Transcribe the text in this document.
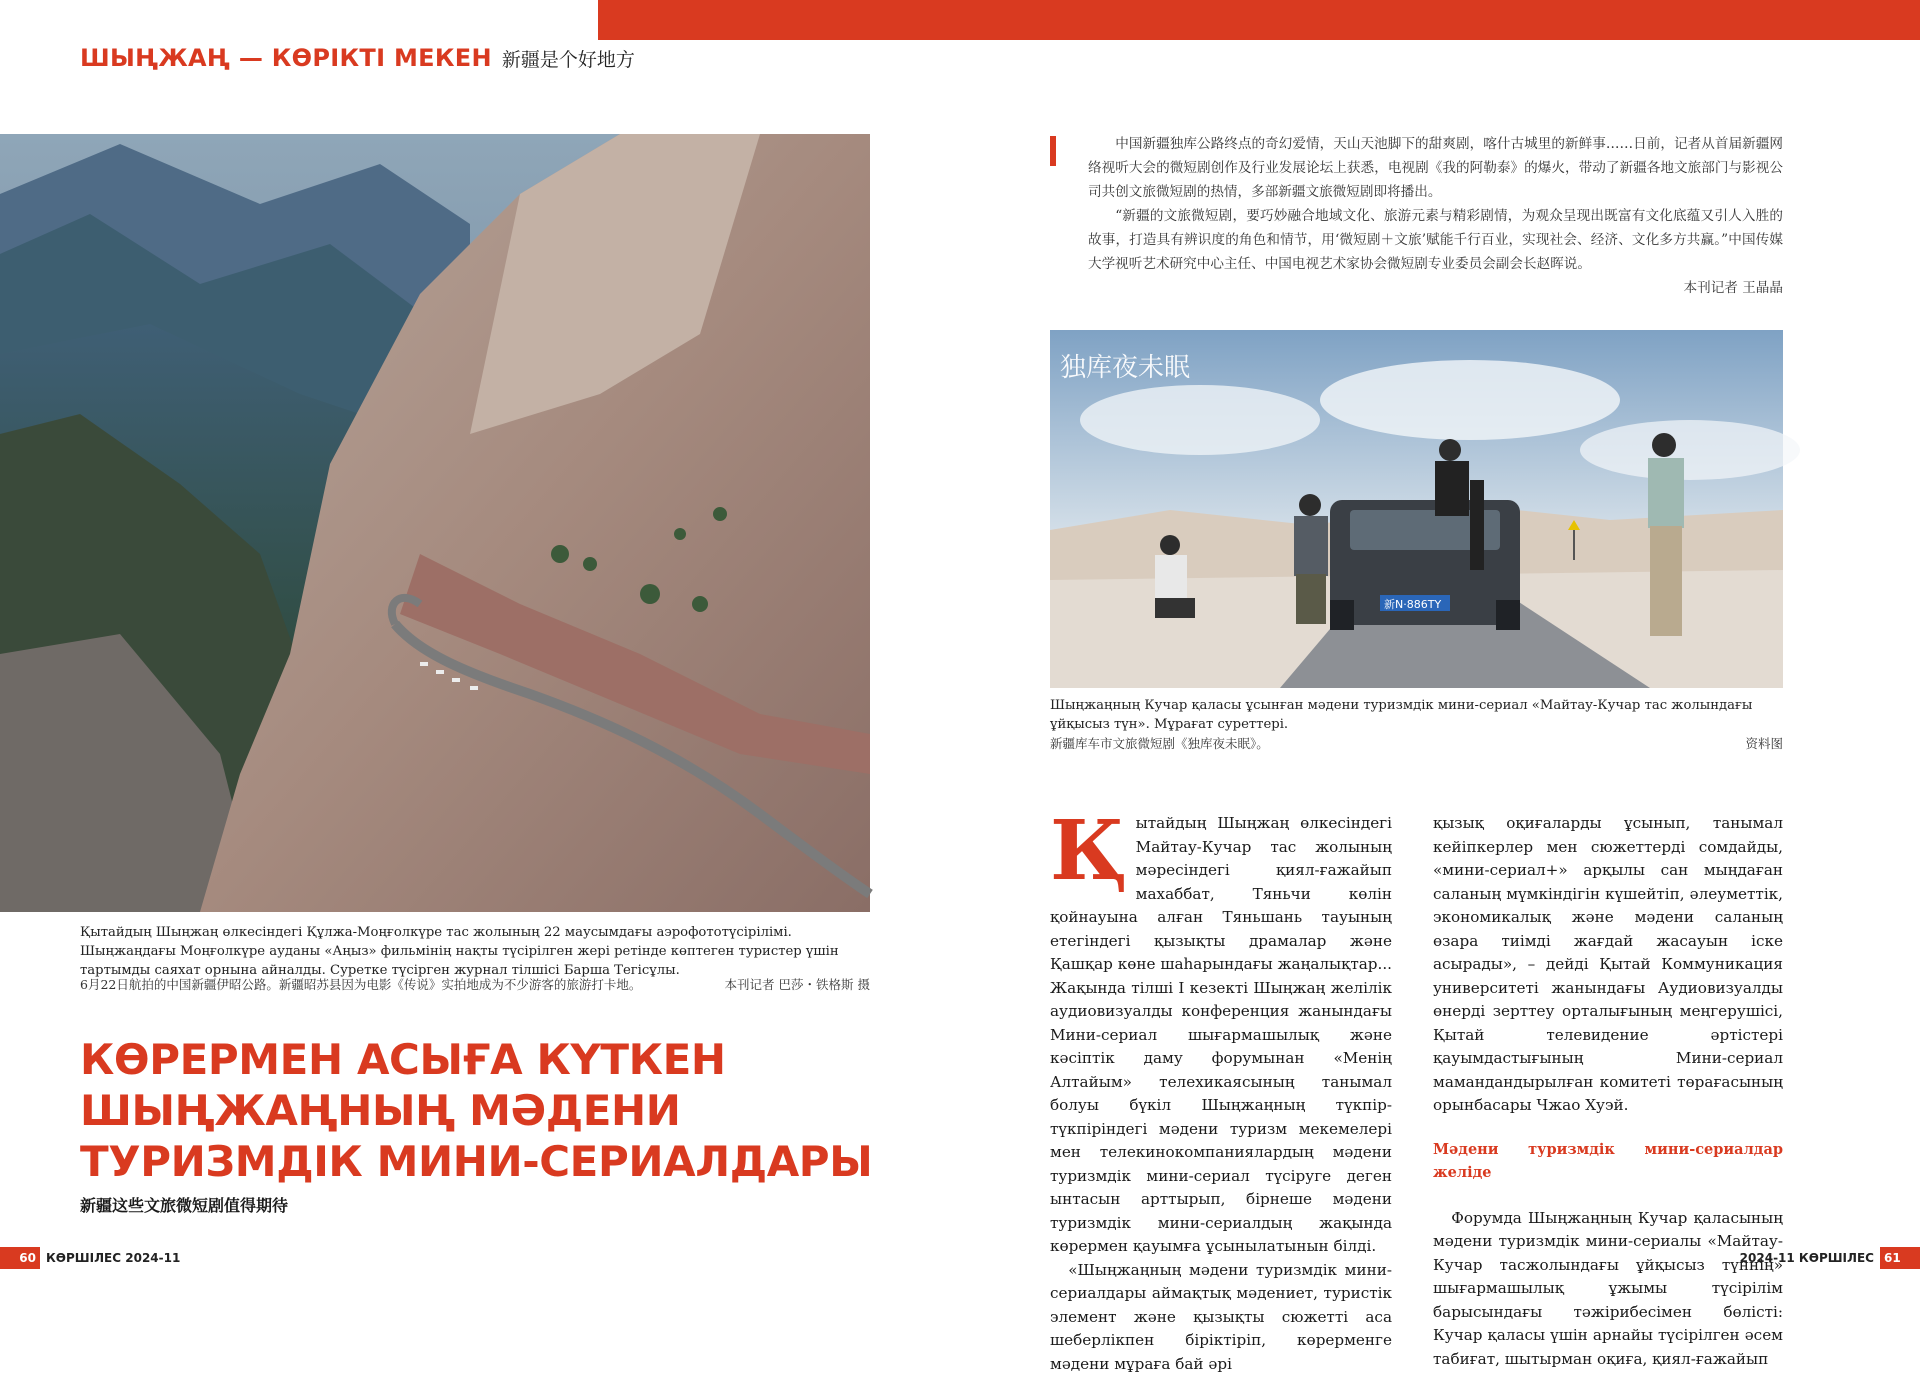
ШЫҢЖАҢ — КӨРІКТІ МЕКЕН 新疆是个好地方
Қытайдың Шыңжаң өлкесіндегі Құлжа-Моңғолкүре тас жолының 22 маусымдағы аэрофототүсірілімі. Шыңжаңдағы Моңғолкүре ауданы «Аңыз» фильмінің нақты түсірілген жері ретінде көптеген туристер үшін тартымды саяхат орнына айналды. Суретке түсірген журнал тілшісі Барша Тегісұлы.
6月22日航拍的中国新疆伊昭公路。新疆昭苏县因为电影《传说》实拍地成为不少游客的旅游打卡地。	本刊记者 巴莎・铁格斯 摄
КӨРЕРМЕН АСЫҒА КҮТКЕН
ШЫҢЖАҢНЫҢ МӘДЕНИ
ТУРИЗМДІК МИНИ-СЕРИАЛДАРЫ
新疆这些文旅微短剧值得期待

中国新疆独库公路终点的奇幻爱情，天山天池脚下的甜爽剧，喀什古城里的新鲜事……日前，记者从首届新疆网络视听大会的微短剧创作及行业发展论坛上获悉，电视剧《我的阿勒泰》的爆火，带动了新疆各地文旅部门与影视公司共创文旅微短剧的热情，多部新疆文旅微短剧即将播出。

“新疆的文旅微短剧，要巧妙融合地域文化、旅游元素与精彩剧情，为观众呈现出既富有文化底蕴又引人入胜的故事，打造具有辨识度的角色和情节，用‘微短剧＋文旅’赋能千行百业，实现社会、经济、文化多方共赢。”中国传媒大学视听艺术研究中心主任、中国电视艺术家协会微短剧专业委员会副会长赵晖说。

本刊记者 王晶晶

独库夜未眠
新N·886TY
Шыңжаңның Кучар қаласы ұсынған мәдени туризмдік мини-сериал «Майтау-Кучар тас жолындағы ұйқысыз түн». Мұрағат суреттері.
新疆库车市文旅微短剧《独库夜未眠》。	资料图

Қытайдың Шыңжаң өлкесіндегі Майтау-Кучар тас жолының мәресіндегі қиял-ғажайып махаббат, Тяньчи көлін қойнауына алған Тяньшань тауының етегіндегі қызықты драмалар және Қашқар көне шаһарындағы жаңалықтар... Жақында тілші І кезекті Шыңжаң желілік аудиовизуалды конференция жанындағы Мини-сериал шығармашылық және кәсіптік даму форумынан «Менің Алтайым» телехикаясының танымал болуы бүкіл Шыңжаңның түкпір-түкпіріндегі мәдени туризм мекемелері мен телекинокомпаниялардың мәдени туризмдік мини-сериал түсіруге деген ынтасын арттырып, бірнеше мәдени туризмдік мини-сериалдың жақында көрермен қауымға ұсынылатынын білді.

«Шыңжаңның мәдени туризмдік мини-сериалдары аймақтық мәдениет, туристік элемент және қызықты сюжетті аса шеберлікпен біріктіріп, көрерменге мәдени мұраға бай әрі

қызық оқиғаларды ұсынып, танымал кейіпкерлер мен сюжеттерді сомдайды, «мини-сериал+» арқылы сан мыңдаған саланың мүмкіндігін күшейтіп, әлеуметтік, экономикалық және мәдени саланың өзара тиімді жағдай жасауын іске асырады», – дейді Қытай Коммуникация университеті жанындағы Аудиовизуалды өнерді зерттеу орталығының меңгерушісі, Қытай телевидение әртістері қауымдастығының Мини-сериал мамандандырылған комитеті төрағасының орынбасары Чжао Хуэй.

Мәдени туризмдік мини-сериалдар желіде

Форумда Шыңжаңның Кучар қаласының мәдени туризмдік мини-сериалы «Майтау-Кучар тасжолындағы ұйқысыз түннің» шығармашылық ұжымы түсірілім барысындағы тәжірибесімен бөлісті: Кучар қаласы үшін арнайы түсірілген әсем табиғат, шытырман оқиға, қиял-ғажайып

60 КӨРШІЛЕС 2024-11	2024-11 КӨРШІЛЕС 61
